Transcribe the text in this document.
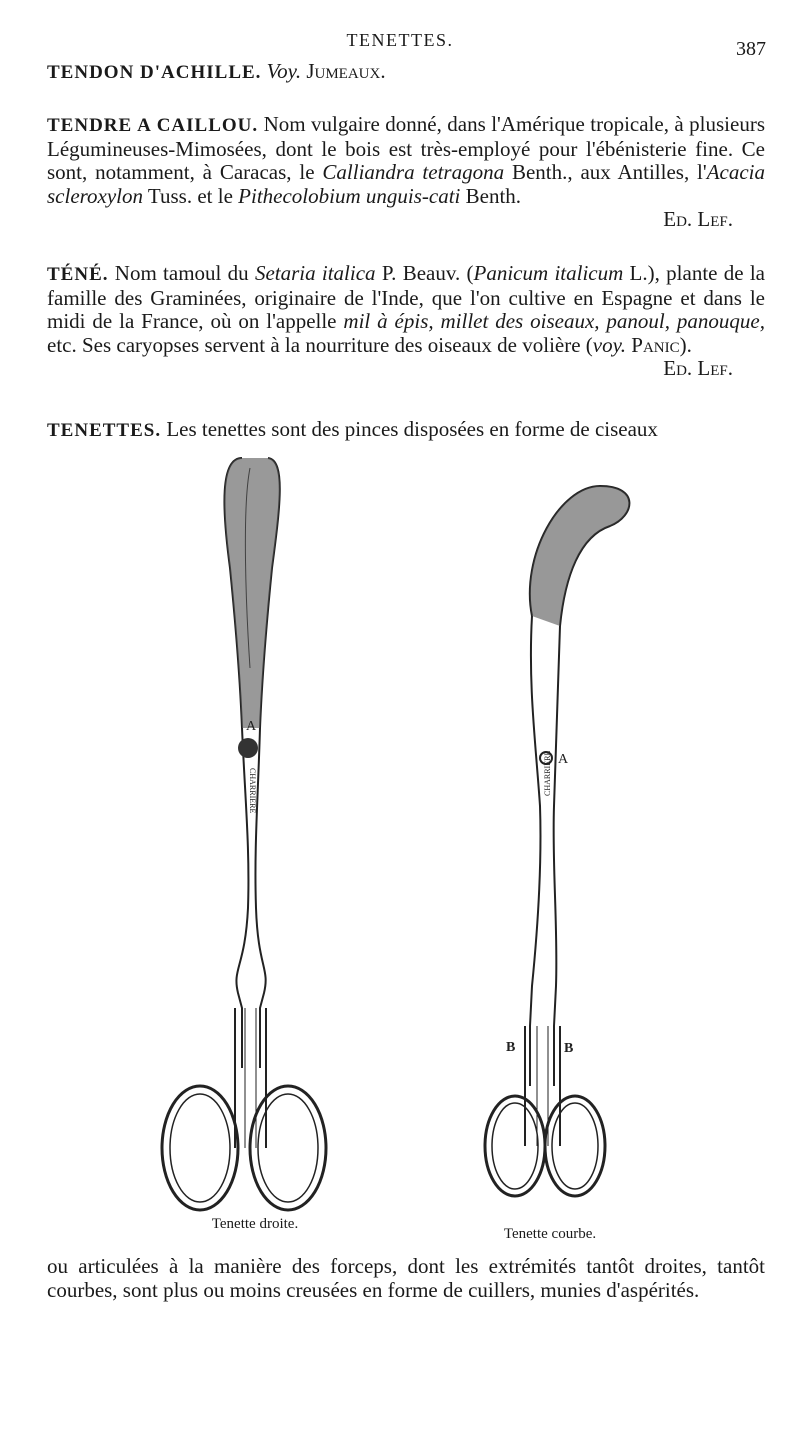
TENETTES.	387

TENDON D'ACHILLE. Voy. Jumeaux.

TENDRE A CAILLOU. Nom vulgaire donné, dans l'Amérique tropicale, à plusieurs Légumineuses-Mimosées, dont le bois est très-employé pour l'ébénisterie fine. Ce sont, notamment, à Caracas, le Calliandra tetragona Benth., aux Antilles, l'Acacia scleroxylon Tuss. et le Pithecolobium unguis-cati Benth.
Ed. Lef.

TÉNÉ. Nom tamoul du Setaria italica P. Beauv. (Panicum italicum L.), plante de la famille des Graminées, originaire de l'Inde, que l'on cultive en Espagne et dans le midi de la France, où on l'appelle mil à épis, millet des oiseaux, panoul, panouque, etc. Ses caryopses servent à la nourriture des oiseaux de volière (voy. Panic).
Ed. Lef.

TENETTES. Les tenettes sont des pinces disposées en forme de ciseaux

A
CHARRIERE
Tenette droite.
A
CHARRIERE
B	B
Tenette courbe.

ou articulées à la manière des forceps, dont les extrémités tantôt droites, tantôt courbes, sont plus ou moins creusées en forme de cuillers, munies d'aspérités.
